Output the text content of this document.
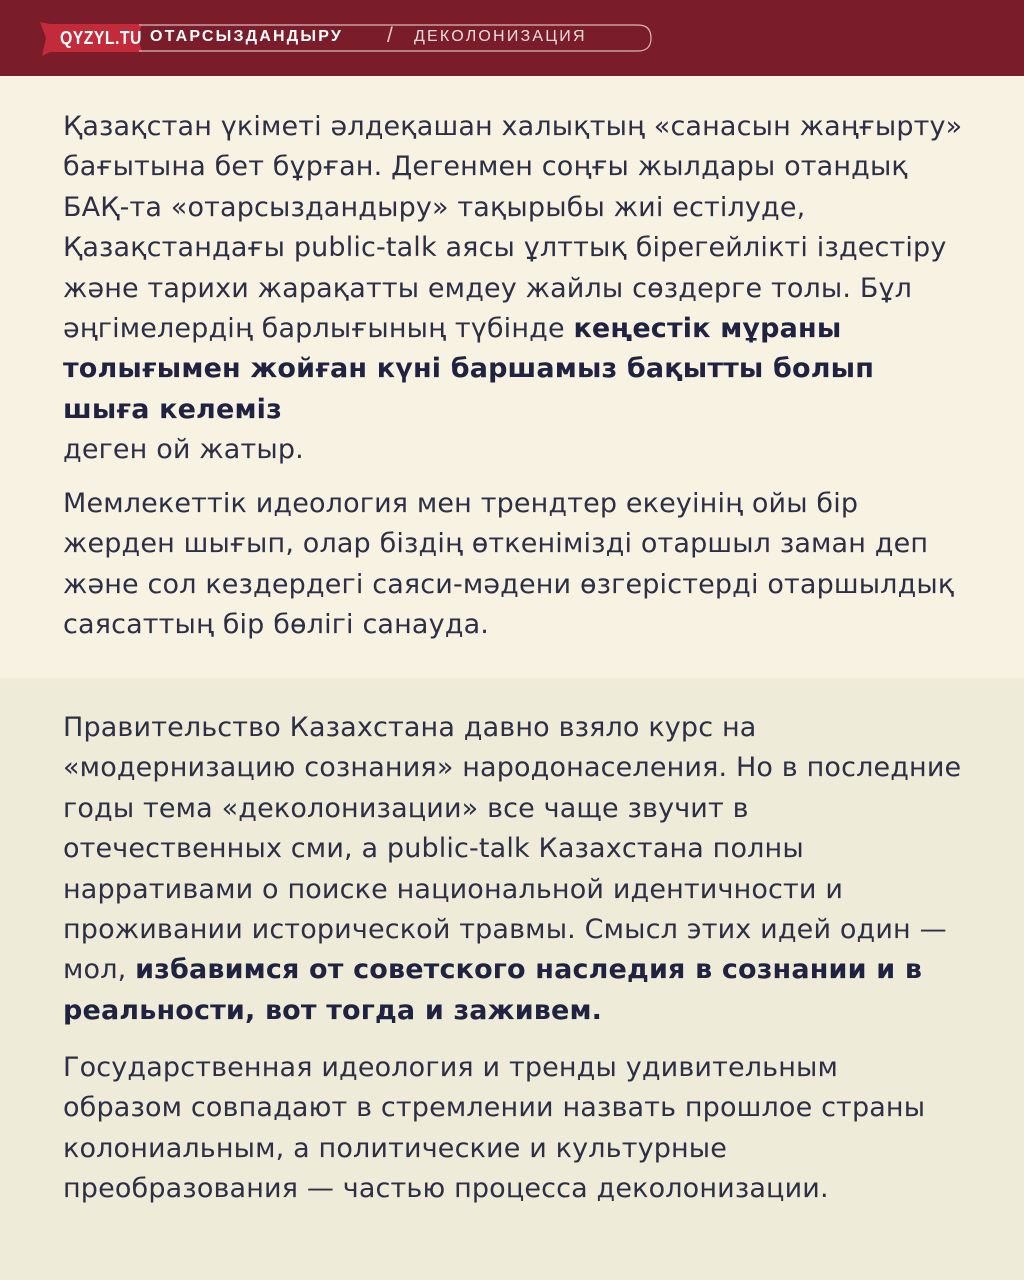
QYZYL.TU ОТАРСЫЗДАНДЫРУ / ДЕКОЛОНИЗАЦИЯ

Қазақстан үкіметі әлдеқашан халықтың «санасын жаңғырту» бағытына бет бұрған. Дегенмен соңғы жылдары отандық БАҚ-та «отарсыздандыру» тақырыбы жиі естілуде, Қазақстандағы public-talk аясы ұлттық бірегейлікті іздестіру және тарихи жарақатты емдеу жайлы сөздерге толы. Бұл әңгімелердің барлығының түбінде кеңестік мұраны толығымен жойған күні баршамыз бақытты болып шыға келеміз
деген ой жатыр.

Мемлекеттік идеология мен трендтер екеуінің ойы бір жерден шығып, олар біздің өткенімізді отаршыл заман деп және сол кездердегі саяси-мәдени өзгерістерді отаршылдық саясаттың бір бөлігі санауда.

Правительство Казахстана давно взяло курс на «модернизацию сознания» народонаселения. Но в последние годы тема «деколонизации» все чаще звучит в отечественных сми, а public-talk Казахстана полны нарративами о поиске национальной идентичности и проживании исторической травмы. Смысл этих идей один — мол, избавимся от советского наследия в сознании и в реальности, вот тогда и заживем.

Государственная идеология и тренды удивительным образом совпадают в стремлении назвать прошлое страны колониальным, а политические и культурные преобразования — частью процесса деколонизации.
